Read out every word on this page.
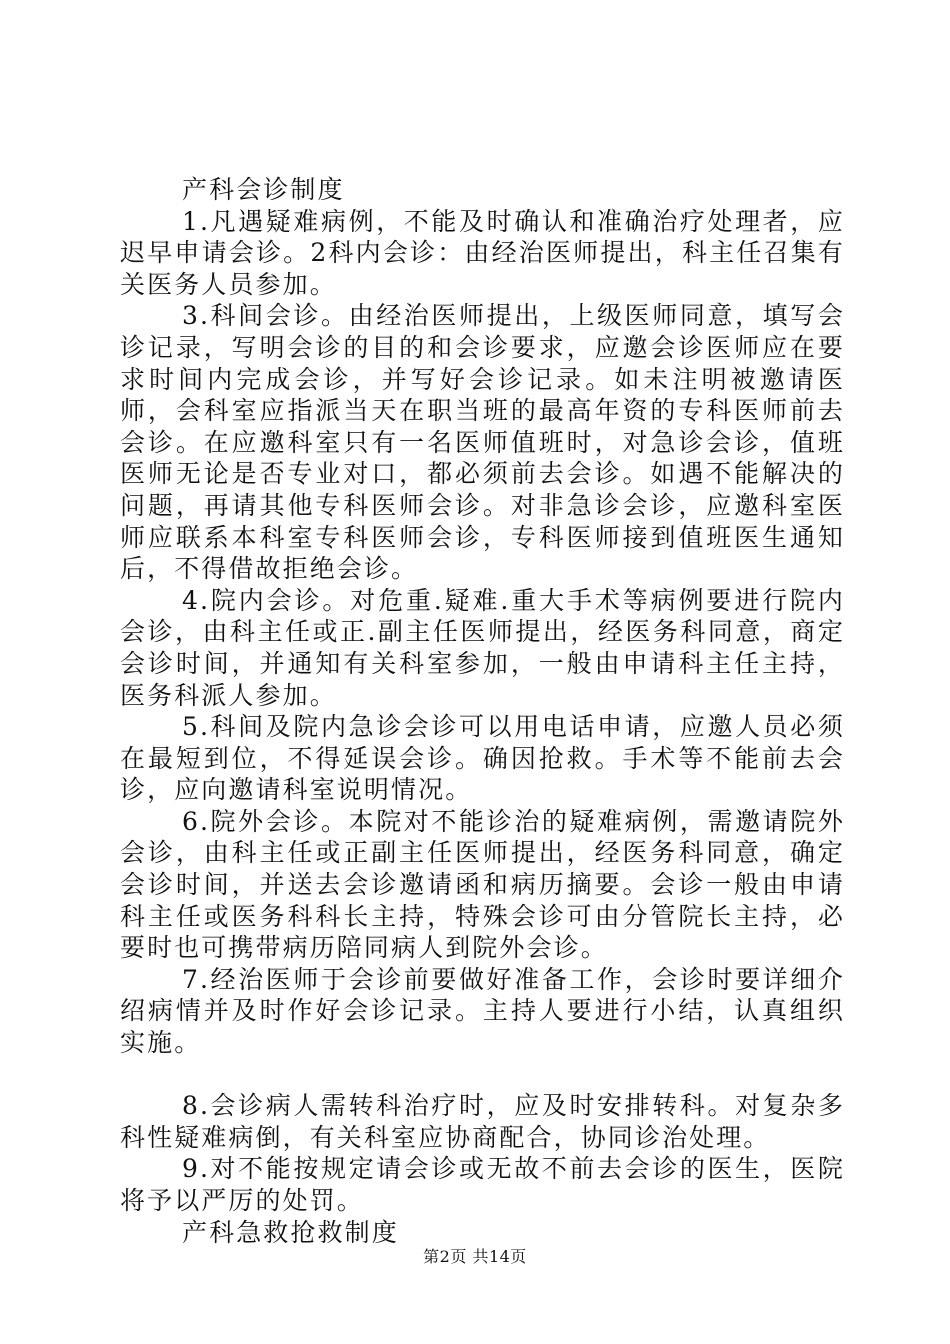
产科会诊制度

1.凡遇疑难病例，不能及时确认和准确治疗处理者，应迟早申请会诊。2科内会诊：由经治医师提出，科主任召集有关医务人员参加。

3.科间会诊。由经治医师提出，上级医师同意，填写会诊记录，写明会诊的目的和会诊要求，应邀会诊医师应在要求时间内完成会诊，并写好会诊记录。如未注明被邀请医师，会科室应指派当天在职当班的最高年资的专科医师前去会诊。在应邀科室只有一名医师值班时，对急诊会诊，值班医师无论是否专业对口，都必须前去会诊。如遇不能解决的问题，再请其他专科医师会诊。对非急诊会诊，应邀科室医师应联系本科室专科医师会诊，专科医师接到值班医生通知后，不得借故拒绝会诊。

4.院内会诊。对危重.疑难.重大手术等病例要进行院内会诊，由科主任或正.副主任医师提出，经医务科同意，商定会诊时间，并通知有关科室参加，一般由申请科主任主持，医务科派人参加。

5.科间及院内急诊会诊可以用电话申请，应邀人员必须在最短到位，不得延误会诊。确因抢救。手术等不能前去会诊，应向邀请科室说明情况。

6.院外会诊。本院对不能诊治的疑难病例，需邀请院外会诊，由科主任或正副主任医师提出，经医务科同意，确定会诊时间，并送去会诊邀请函和病历摘要。会诊一般由申请科主任或医务科科长主持，特殊会诊可由分管院长主持，必要时也可携带病历陪同病人到院外会诊。

7.经治医师于会诊前要做好准备工作，会诊时要详细介绍病情并及时作好会诊记录。主持人要进行小结，认真组织实施。

8.会诊病人需转科治疗时，应及时安排转科。对复杂多科性疑难病倒，有关科室应协商配合，协同诊治处理。

9.对不能按规定请会诊或无故不前去会诊的医生，医院将予以严厉的处罚。

产科急救抢救制度

第2页 共14页
